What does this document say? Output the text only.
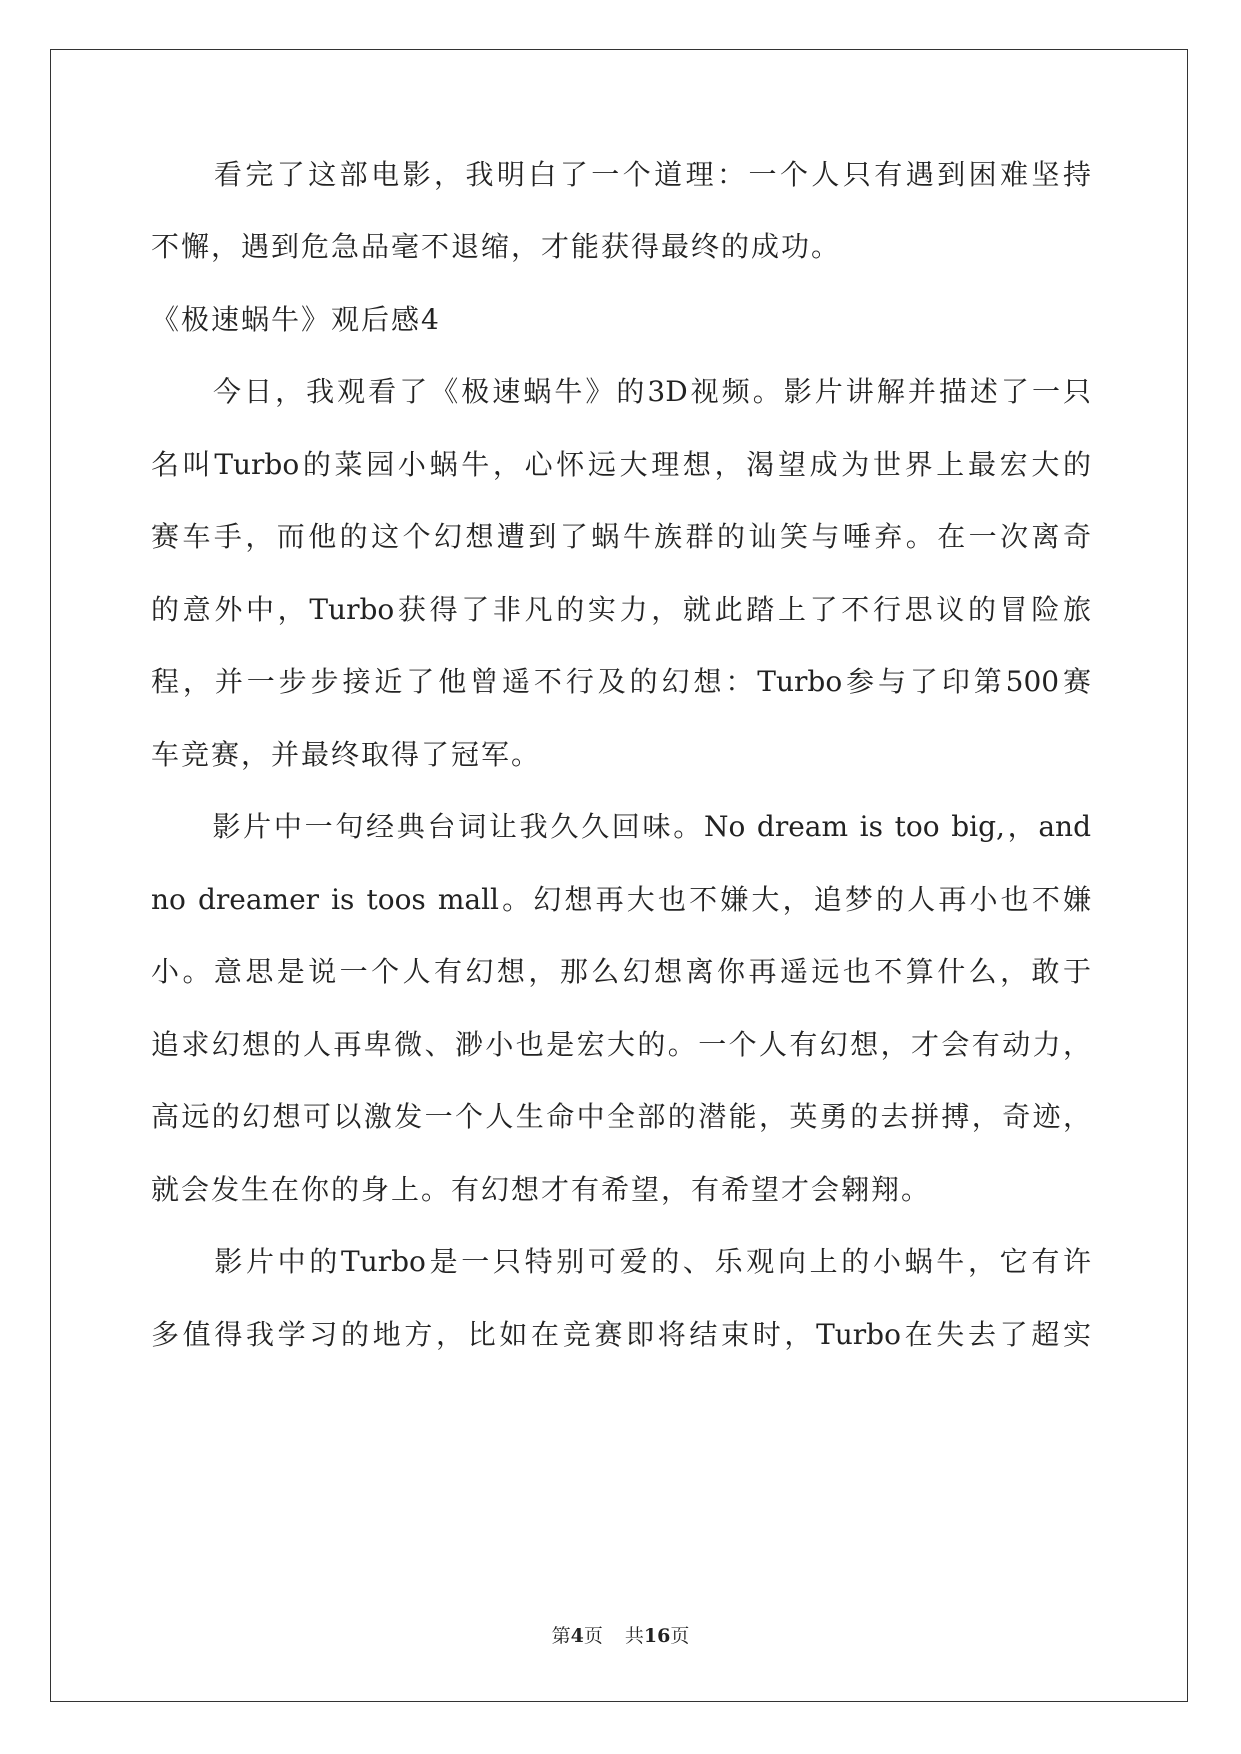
　　看完了这部电影，我明白了一个道理：一个人只有遇到困难坚持
不懈，遇到危急品毫不退缩，才能获得最终的成功。
《极速蜗牛》观后感4
　　今日，我观看了《极速蜗牛》的3D视频。影片讲解并描述了一只
名叫Turbo的菜园小蜗牛，心怀远大理想，渴望成为世界上最宏大的
赛车手，而他的这个幻想遭到了蜗牛族群的讪笑与唾弃。在一次离奇
的意外中，Turbo获得了非凡的实力，就此踏上了不行思议的冒险旅
程，并一步步接近了他曾遥不行及的幻想：Turbo参与了印第500赛
车竞赛，并最终取得了冠军。
　　影片中一句经典台词让我久久回味。No dream is too big,，and
no dreamer is toos mall。幻想再大也不嫌大，追梦的人再小也不嫌
小。意思是说一个人有幻想，那么幻想离你再遥远也不算什么，敢于
追求幻想的人再卑微、渺小也是宏大的。一个人有幻想，才会有动力，
高远的幻想可以激发一个人生命中全部的潜能，英勇的去拼搏，奇迹，
就会发生在你的身上。有幻想才有希望，有希望才会翱翔。
　　影片中的Turbo是一只特别可爱的、乐观向上的小蜗牛，它有许
多值得我学习的地方，比如在竞赛即将结束时，Turbo在失去了超实
第4页 共16页
